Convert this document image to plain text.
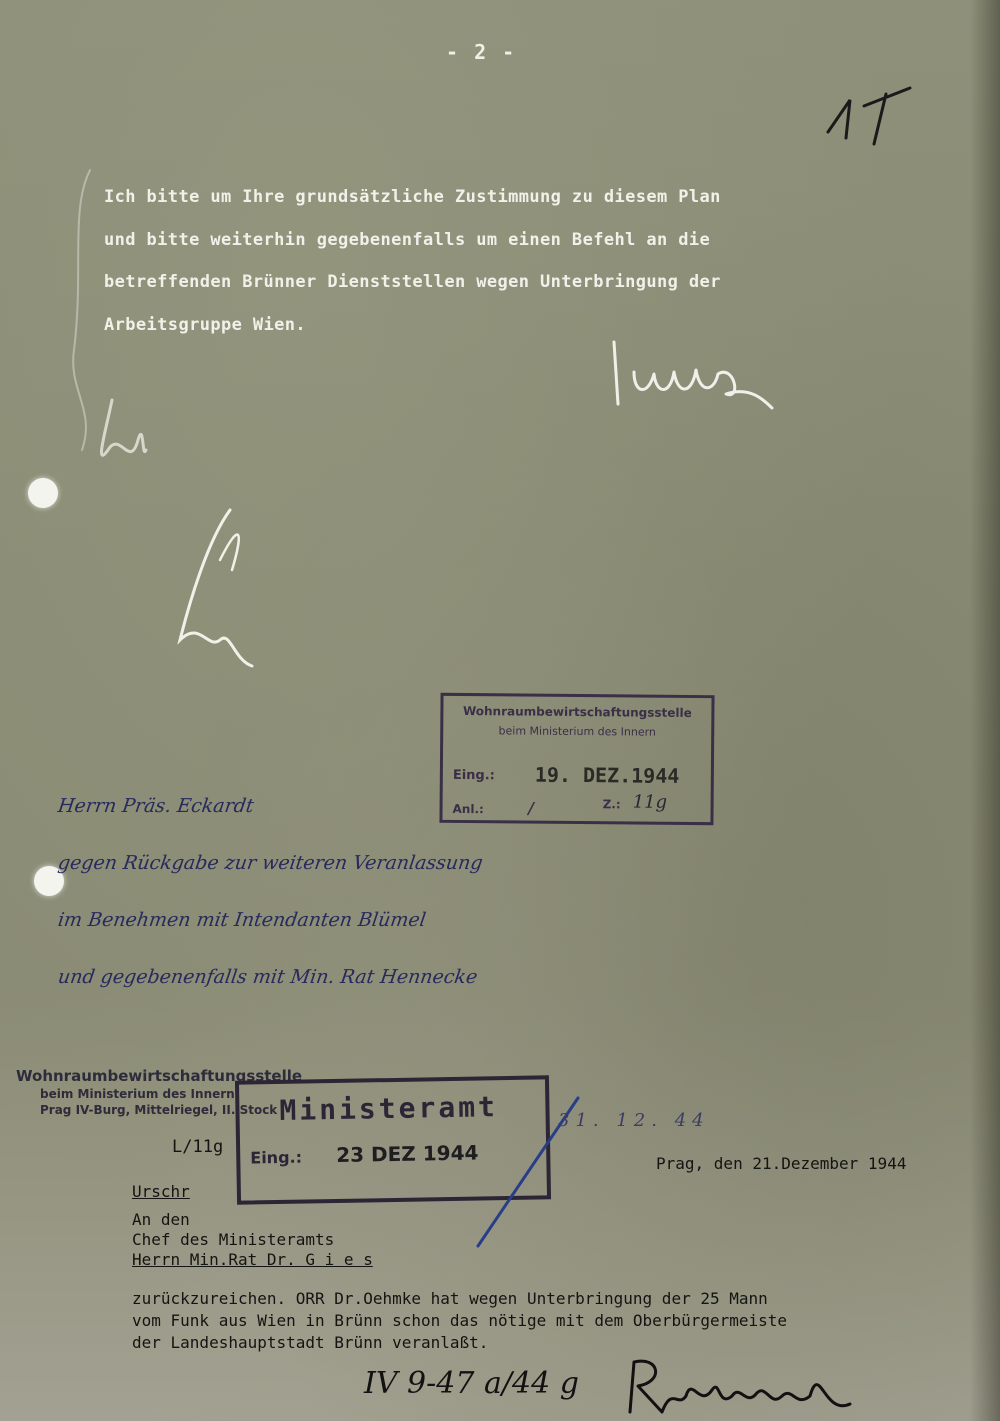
- 2 -
Ich bitte um Ihre grundsätzliche Zustimmung zu diesem Plan
und bitte weiterhin gegebenenfalls um einen Befehl an die
betreffenden Brünner Dienststellen wegen Unterbringung der
Arbeitsgruppe Wien.
Wohnraumbewirtschaftungsstelle
beim Ministerium des Innern
Eing.: 19. DEZ.1944
Anl.:	/	Z.: 11g
Herrn Präs. Eckardt
gegen Rückgabe zur weiteren Veranlassung
im Benehmen mit Intendanten Blümel
und gegebenenfalls mit Min. Rat Hennecke
Wohnraumbewirtschaftungsstelle
beim Ministerium des Innern
Prag IV-Burg, Mittelriegel, II. Stock Ministeramt
Eing.: 23 DEZ 1944
31. 12. 44
L/11g
Prag, den 21.Dezember 1944
Urschr
An den
Chef des Ministeramts
Herrn Min.Rat Dr. G i e s
zurückzureichen. ORR Dr.Oehmke hat wegen Unterbringung der 25 Mann
vom Funk aus Wien in Brünn schon das nötige mit dem Oberbürgermeiste
der Landeshauptstadt Brünn veranlaßt.
IV 9-47 a/44 g
